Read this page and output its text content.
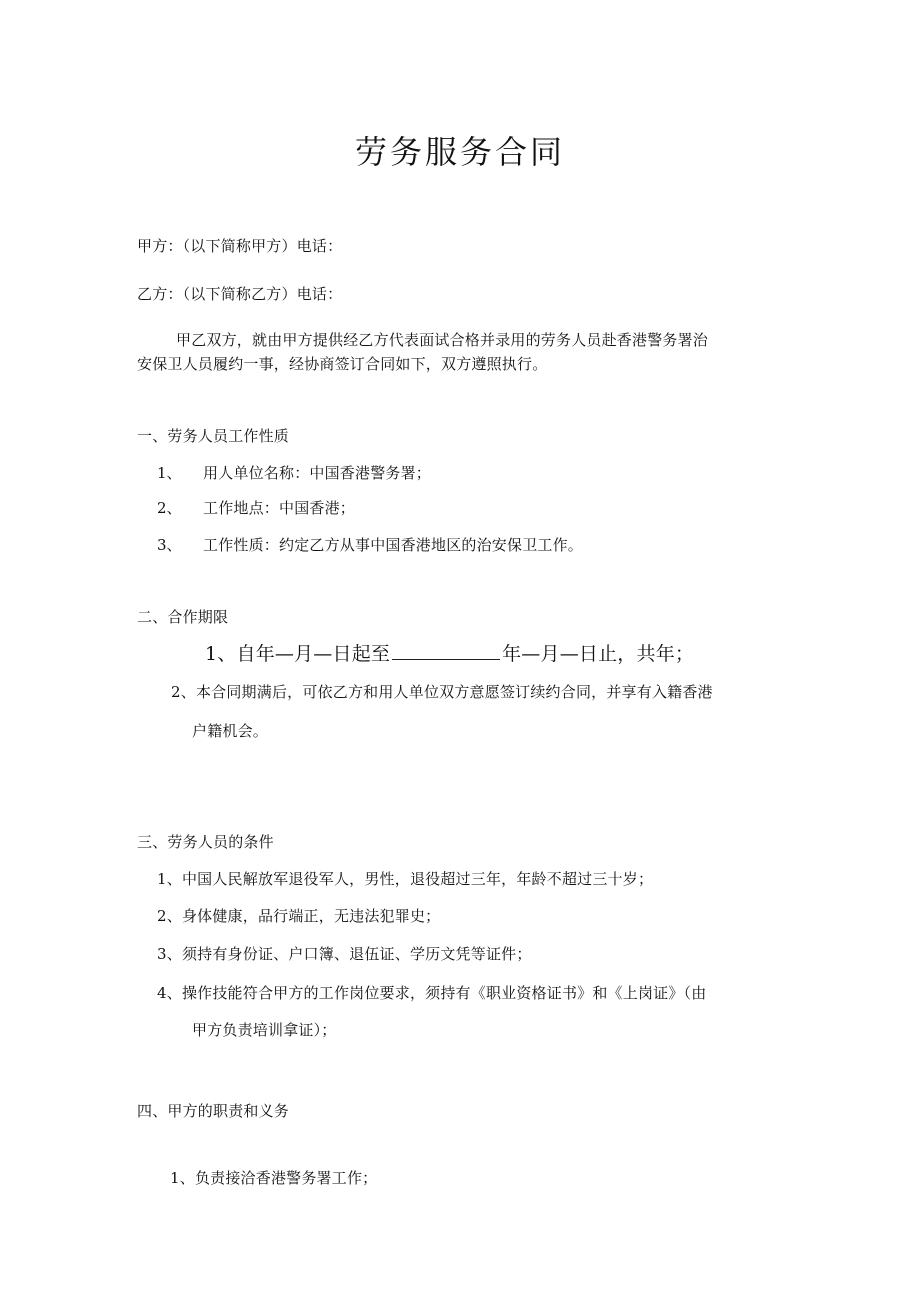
劳务服务合同
甲方：（以下简称甲方）电话：
乙方：（以下简称乙方）电话：
甲乙双方，就由甲方提供经乙方代表面试合格并录用的劳务人员赴香港警务署治
安保卫人员履约一事，经协商签订合同如下，双方遵照执行。
一、劳务人员工作性质
1、 用人单位名称：中国香港警务署；
2、 工作地点：中国香港；
3、 工作性质：约定乙方从事中国香港地区的治安保卫工作。
二、合作期限
1、自年—月—日起至	年—月—日止，共年；
2、本合同期满后，可依乙方和用人单位双方意愿签订续约合同，并享有入籍香港
户籍机会。
三、劳务人员的条件
1、中国人民解放军退役军人，男性，退役超过三年，年龄不超过三十岁；
2、身体健康，品行端正，无违法犯罪史；
3、须持有身份证、户口簿、退伍证、学历文凭等证件；
4、操作技能符合甲方的工作岗位要求，须持有《职业资格证书》和《上岗证》（由
甲方负责培训拿证）；
四、甲方的职责和义务
1、负责接洽香港警务署工作；
